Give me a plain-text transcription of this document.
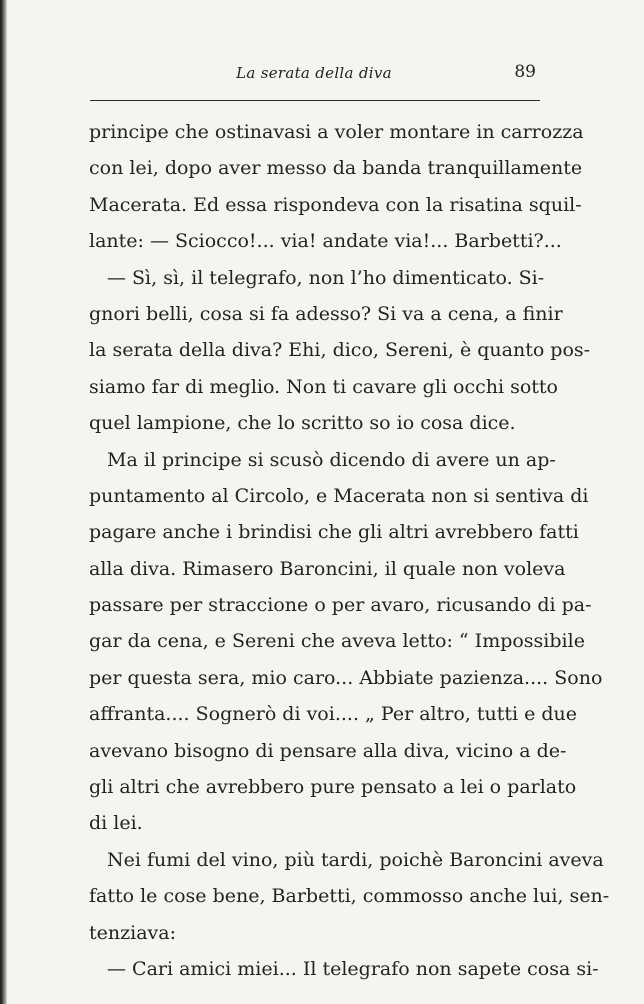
La serata della diva	89
principe che ostinavasi a voler montare in carrozza
con lei, dopo aver messo da banda tranquillamente
Macerata. Ed essa rispondeva con la risatina squil-
lante: — Sciocco!... via! andate via!... Barbetti?...
— Sì, sì, il telegrafo, non l’ho dimenticato. Si-
gnori belli, cosa si fa adesso? Si va a cena, a finir
la serata della diva? Ehi, dico, Sereni, è quanto pos-
siamo far di meglio. Non ti cavare gli occhi sotto
quel lampione, che lo scritto so io cosa dice.
Ma il principe si scusò dicendo di avere un ap-
puntamento al Circolo, e Macerata non si sentiva di
pagare anche i brindisi che gli altri avrebbero fatti
alla diva. Rimasero Baroncini, il quale non voleva
passare per straccione o per avaro, ricusando di pa-
gar da cena, e Sereni che aveva letto: “ Impossibile
per questa sera, mio caro... Abbiate pazienza.... Sono
affranta.... Sognerò di voi.... „ Per altro, tutti e due
avevano bisogno di pensare alla diva, vicino a de-
gli altri che avrebbero pure pensato a lei o parlato
di lei.
Nei fumi del vino, più tardi, poichè Baroncini aveva
fatto le cose bene, Barbetti, commosso anche lui, sen-
tenziava:
— Cari amici miei... Il telegrafo non sapete cosa si-
